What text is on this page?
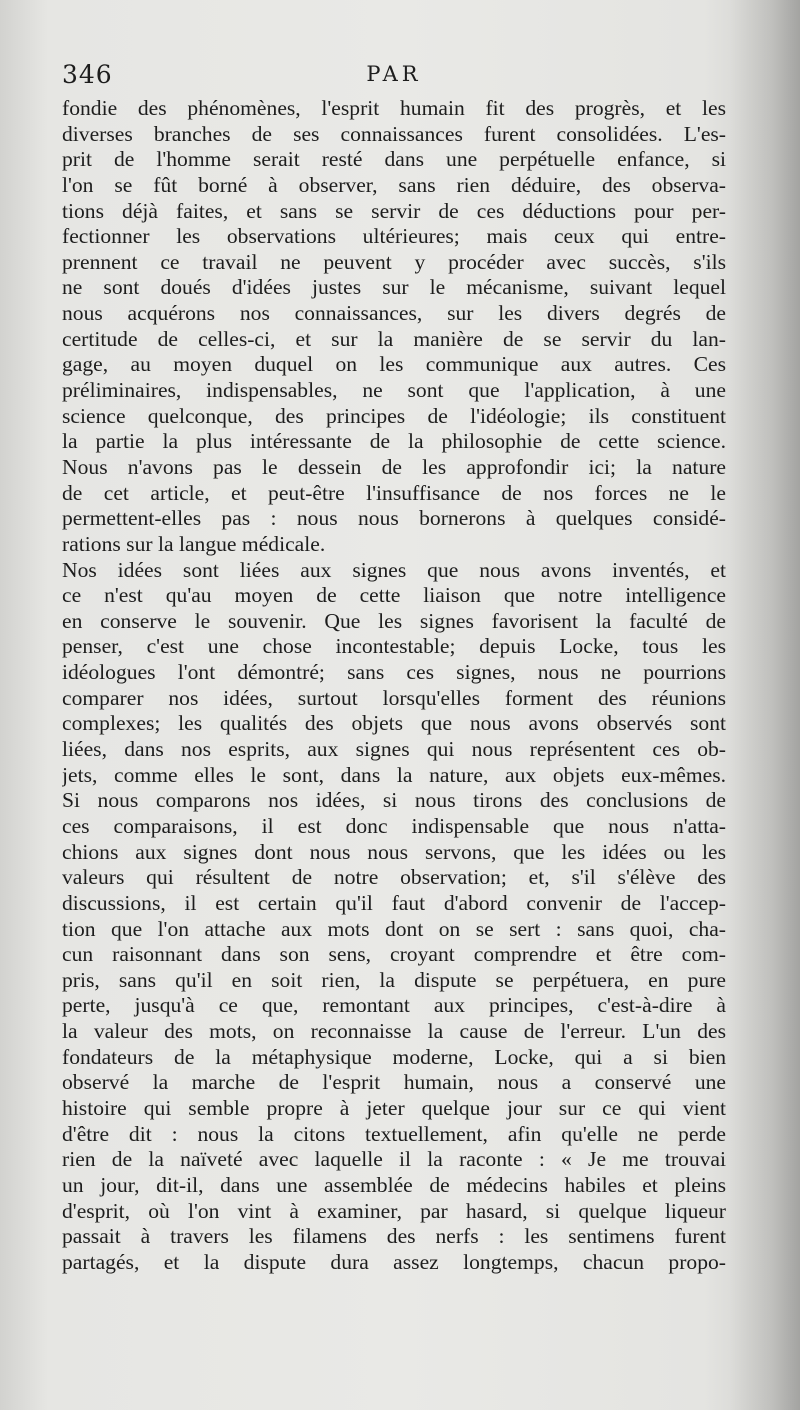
346	PAR
fondie des phénomènes, l'esprit humain fit des progrès, et les
diverses branches de ses connaissances furent consolidées. L'es-
prit de l'homme serait resté dans une perpétuelle enfance, si
l'on se fût borné à observer, sans rien déduire, des observa-
tions déjà faites, et sans se servir de ces déductions pour per-
fectionner les observations ultérieures; mais ceux qui entre-
prennent ce travail ne peuvent y procéder avec succès, s'ils
ne sont doués d'idées justes sur le mécanisme, suivant lequel
nous acquérons nos connaissances, sur les divers degrés de
certitude de celles-ci, et sur la manière de se servir du lan-
gage, au moyen duquel on les communique aux autres. Ces
préliminaires, indispensables, ne sont que l'application, à une
science quelconque, des principes de l'idéologie; ils constituent
la partie la plus intéressante de la philosophie de cette science.
Nous n'avons pas le dessein de les approfondir ici; la nature
de cet article, et peut-être l'insuffisance de nos forces ne le
permettent-elles pas : nous nous bornerons à quelques considé-
rations sur la langue médicale.
Nos idées sont liées aux signes que nous avons inventés, et
ce n'est qu'au moyen de cette liaison que notre intelligence
en conserve le souvenir. Que les signes favorisent la faculté de
penser, c'est une chose incontestable; depuis Locke, tous les
idéologues l'ont démontré; sans ces signes, nous ne pourrions
comparer nos idées, surtout lorsqu'elles forment des réunions
complexes; les qualités des objets que nous avons observés sont
liées, dans nos esprits, aux signes qui nous représentent ces ob-
jets, comme elles le sont, dans la nature, aux objets eux-mêmes.
Si nous comparons nos idées, si nous tirons des conclusions de
ces comparaisons, il est donc indispensable que nous n'atta-
chions aux signes dont nous nous servons, que les idées ou les
valeurs qui résultent de notre observation; et, s'il s'élève des
discussions, il est certain qu'il faut d'abord convenir de l'accep-
tion que l'on attache aux mots dont on se sert : sans quoi, cha-
cun raisonnant dans son sens, croyant comprendre et être com-
pris, sans qu'il en soit rien, la dispute se perpétuera, en pure
perte, jusqu'à ce que, remontant aux principes, c'est-à-dire à
la valeur des mots, on reconnaisse la cause de l'erreur. L'un des
fondateurs de la métaphysique moderne, Locke, qui a si bien
observé la marche de l'esprit humain, nous a conservé une
histoire qui semble propre à jeter quelque jour sur ce qui vient
d'être dit : nous la citons textuellement, afin qu'elle ne perde
rien de la naïveté avec laquelle il la raconte : « Je me trouvai
un jour, dit-il, dans une assemblée de médecins habiles et pleins
d'esprit, où l'on vint à examiner, par hasard, si quelque liqueur
passait à travers les filamens des nerfs : les sentimens furent
partagés, et la dispute dura assez longtemps, chacun propo-
